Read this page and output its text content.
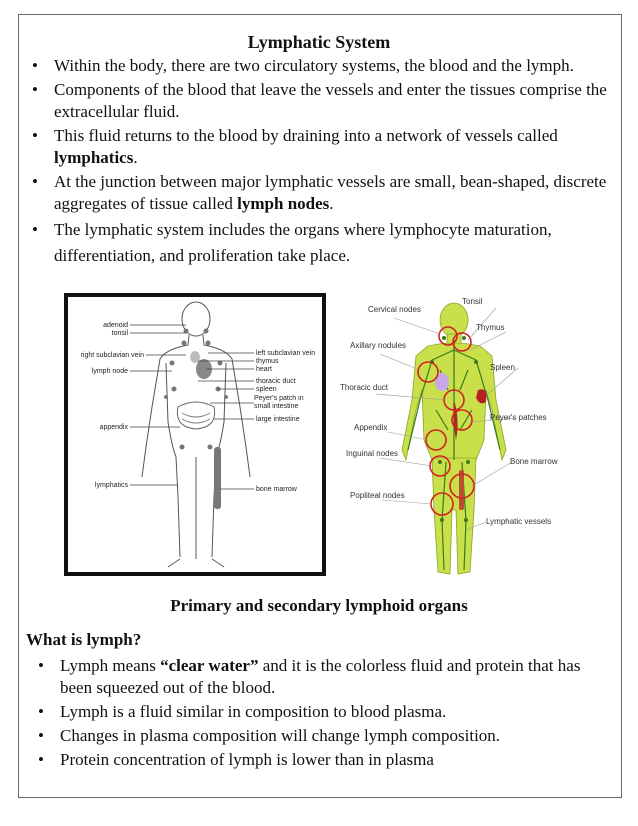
Lymphatic System
• Within the body, there are two circulatory systems, the blood and the lymph.
• Components of the blood that leave the vessels and enter the tissues comprise the extracellular fluid.
• This fluid returns to the blood by draining into a network of vessels called lymphatics.
• At the junction between major lymphatic vessels are small, bean-shaped, discrete aggregates of tissue called lymph nodes.
• The lymphatic system includes the organs where lymphocyte maturation, differentiation, and proliferation take place.
adenoid
tonsil
right subclavian vein
lymph node
appendix
lymphatics
left subclavian vein
thymus
heart
thoracic duct
spleen
Peyer's patch in small intestine
large intestine
bone marrow
Cervical nodes
Axillary nodules
Thoracic duct
Appendix
Inguinal nodes
Popliteal nodes
Tonsil
Thymus
Spleen
Peyer's patches
Bone marrow
Lymphatic vessels
Primary and secondary lymphoid organs
What is lymph?
• Lymph means “clear water” and it is the colorless fluid and protein that has been squeezed out of the blood.
• Lymph is a fluid similar in composition to blood plasma.
• Changes in plasma composition will change lymph composition.
• Protein concentration of lymph is lower than in plasma
